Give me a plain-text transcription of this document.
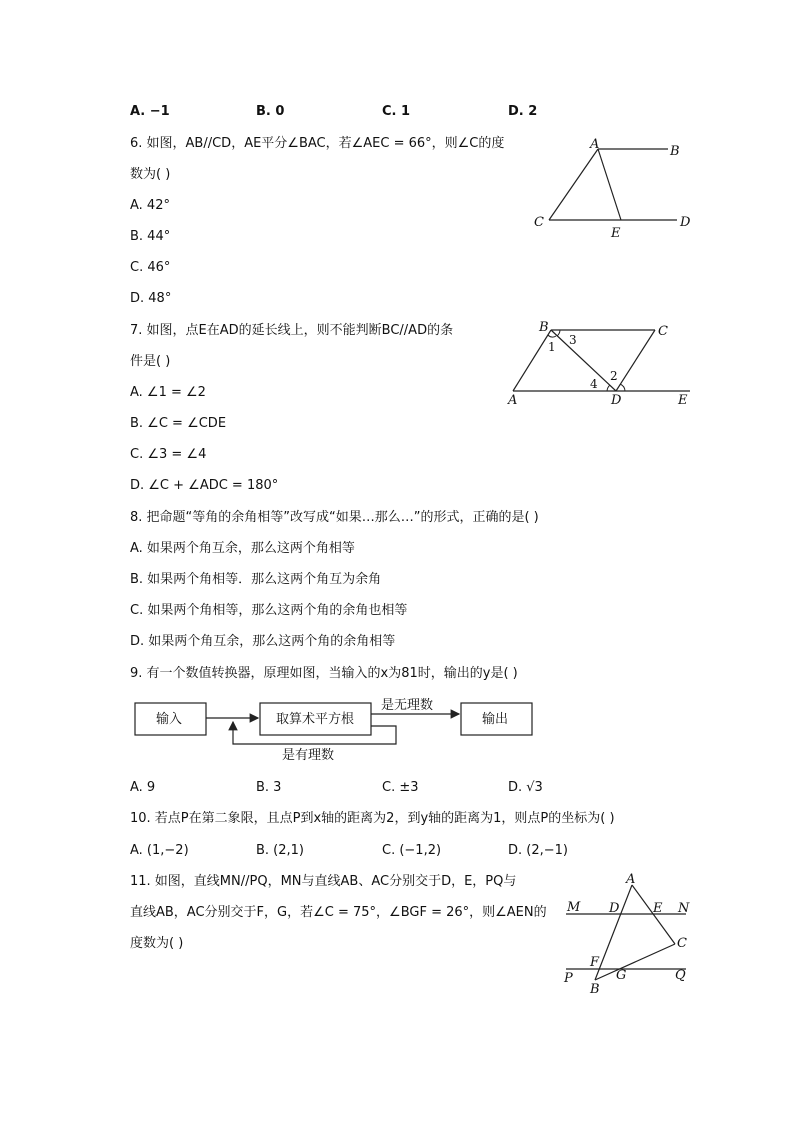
A. −1	B. 0	C. 1	D. 2
6. 如图，AB//CD，AE平分∠BAC，若∠AEC = 66°，则∠C的度
数为( )
A. 42°
B. 44°
C. 46°
D. 48°
A	B
C	D
E
7. 如图，点E在AD的延长线上，则不能判断BC//AD的条
件是( )
A. ∠1 = ∠2
B. ∠C = ∠CDE
C. ∠3 = ∠4
D. ∠C + ∠ADC = 180°
B	C
A	D	E
1 3
4
2
8. 把命题“等角的余角相等”改写成“如果…那么…”的形式，正确的是( )
A. 如果两个角互余，那么这两个角相等
B. 如果两个角相等．那么这两个角互为余角
C. 如果两个角相等，那么这两个角的余角也相等
D. 如果两个角互余，那么这两个角的余角相等
9. 有一个数值转换器，原理如图，当输入的x为81时，输出的y是( )
输入	取算术平方根	输出
是无理数
是有理数
A. 9	B. 3	C. ±3	D. √3
10. 若点P在第二象限，且点P到x轴的距离为2，到y轴的距离为1，则点P的坐标为( )
A. (1,−2)	B. (2,1)	C. (−1,2)	D. (2,−1)
11. 如图，直线MN//PQ，MN与直线AB、AC分别交于D，E，PQ与
直线AB，AC分别交于F，G，若∠C = 75°，∠BGF = 26°，则∠AEN的
度数为( )
A
M D	E N
C
F
P	G	Q
B
